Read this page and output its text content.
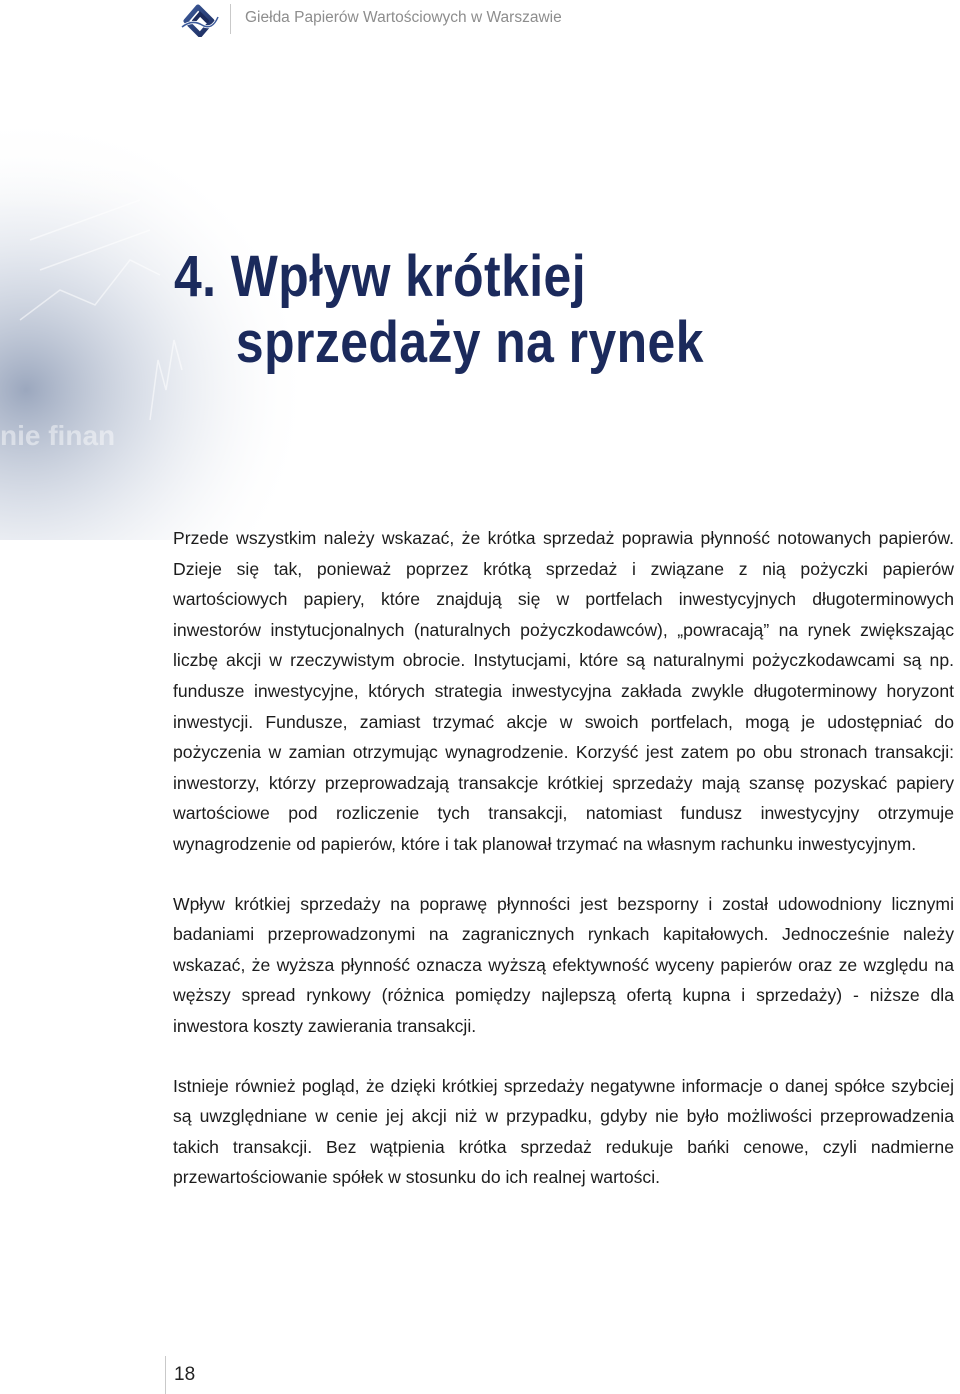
Giełda Papierów Wartościowych w Warszawie
4. Wpływ krótkiej
sprzedaży na rynek

Przede wszystkim należy wskazać, że krótka sprzedaż poprawia płynność notowanych papierów. Dzieje się tak, ponieważ poprzez krótką sprzedaż i związane z nią pożyczki papierów wartościowych papiery, które znajdują się w portfelach inwestycyjnych długoterminowych inwestorów instytucjonalnych (naturalnych pożyczkodawców), „powracają” na rynek zwiększając liczbę akcji w rzeczywistym obrocie. Instytucjami, które są naturalnymi pożyczkodawcami są np. fundusze inwestycyjne, których strategia inwestycyjna zakłada zwykle długoterminowy horyzont inwestycji. Fundusze, zamiast trzymać akcje w swoich portfelach, mogą je udostępniać do pożyczenia w zamian otrzymując wynagrodzenie. Korzyść jest zatem po obu stronach transakcji: inwestorzy, którzy przeprowadzają transakcje krótkiej sprzedaży mają szansę pozyskać papiery wartościowe pod rozliczenie tych transakcji, natomiast fundusz inwestycyjny otrzymuje wynagrodzenie od papierów, które i tak planował trzymać na własnym rachunku inwestycyjnym.

Wpływ krótkiej sprzedaży na poprawę płynności jest bezsporny i został udowodniony licznymi badaniami przeprowadzonymi na zagranicznych rynkach kapitałowych. Jednocześnie należy wskazać, że wyższa płynność oznacza wyższą efektywność wyceny papierów oraz ze względu na węższy spread rynkowy (różnica pomiędzy najlepszą ofertą kupna i sprzedaży) - niższe dla inwestora koszty zawierania transakcji.

Istnieje również pogląd, że dzięki krótkiej sprzedaży negatywne informacje o danej spółce szybciej są uwzględniane w cenie jej akcji niż w przypadku, gdyby nie było możliwości przeprowadzenia takich transakcji. Bez wątpienia krótka sprzedaż redukuje bańki cenowe, czyli nadmierne przewartościowanie spółek w stosunku do ich realnej wartości.

18
